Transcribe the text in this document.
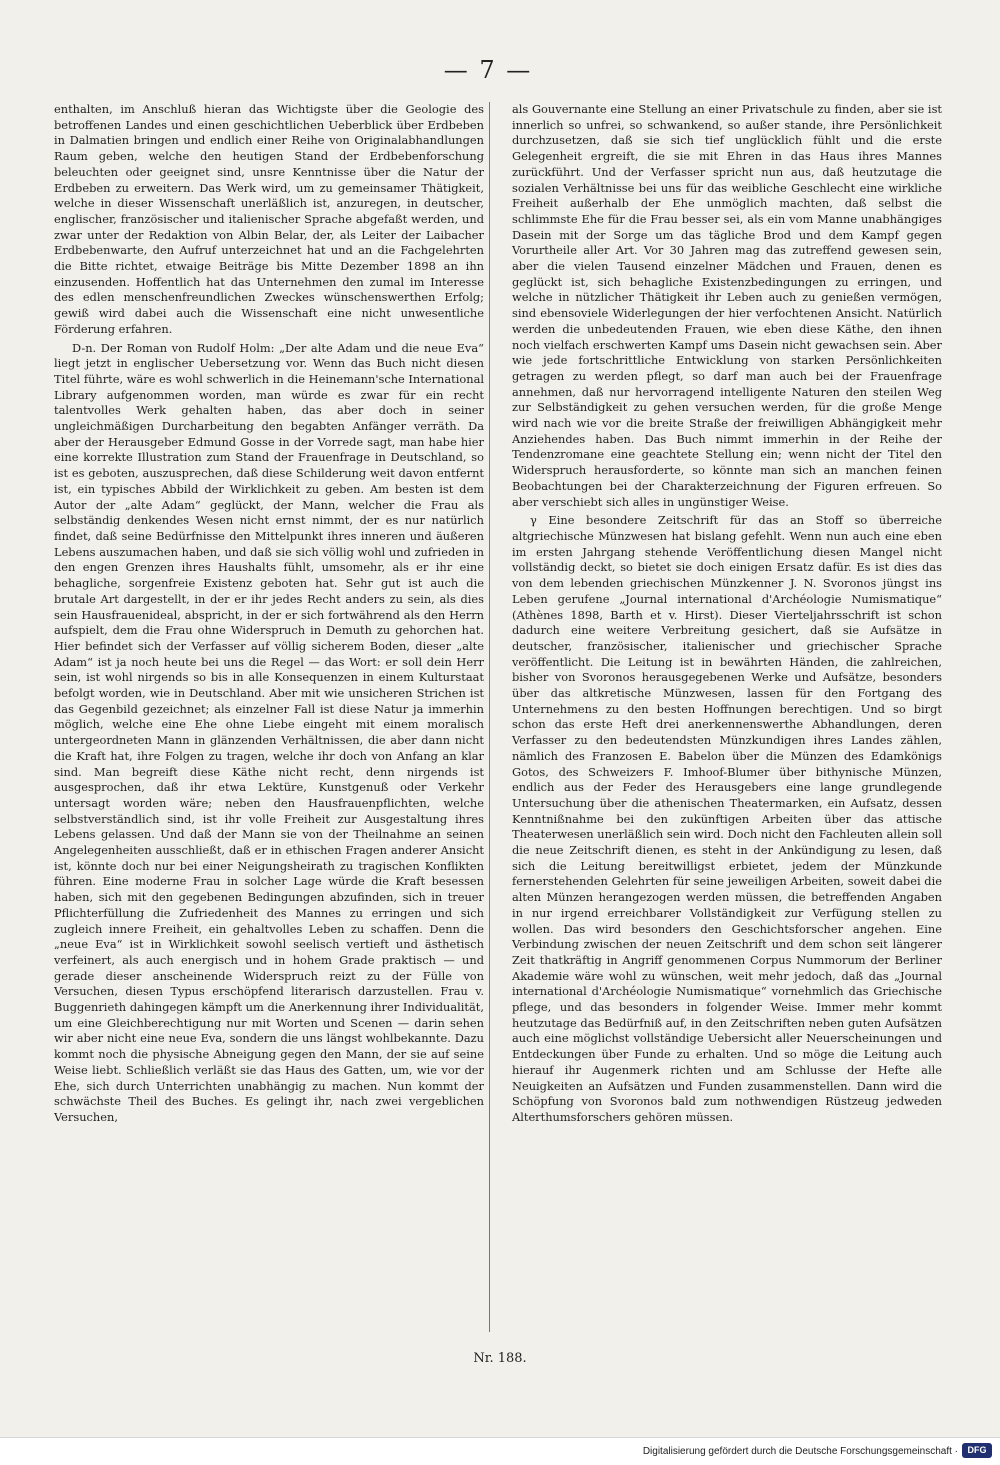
— 7 —

enthalten, im Anschluß hieran das Wichtigste über die Geologie des betroffenen Landes und einen geschichtlichen Ueberblick über Erdbeben in Dalmatien bringen und endlich einer Reihe von Originalabhandlungen Raum geben, welche den heutigen Stand der Erdbebenforschung beleuchten oder geeignet sind, unsre Kenntnisse über die Natur der Erdbeben zu erweitern. Das Werk wird, um zu gemeinsamer Thätigkeit, welche in dieser Wissenschaft unerläßlich ist, anzuregen, in deutscher, englischer, französischer und italienischer Sprache abgefaßt werden, und zwar unter der Redaktion von Albin Belar, der, als Leiter der Laibacher Erdbebenwarte, den Aufruf unterzeichnet hat und an die Fachgelehrten die Bitte richtet, etwaige Beiträge bis Mitte Dezember 1898 an ihn einzusenden. Hoffentlich hat das Unternehmen den zumal im Interesse des edlen menschenfreundlichen Zweckes wünschenswerthen Erfolg; gewiß wird dabei auch die Wissenschaft eine nicht unwesentliche Förderung erfahren.

D-n. Der Roman von Rudolf Holm: „Der alte Adam und die neue Eva“ liegt jetzt in englischer Uebersetzung vor. Wenn das Buch nicht diesen Titel führte, wäre es wohl schwerlich in die Heinemann'sche International Library aufgenommen worden, man würde es zwar für ein recht talentvolles Werk gehalten haben, das aber doch in seiner ungleichmäßigen Durcharbeitung den begabten Anfänger verräth. Da aber der Herausgeber Edmund Gosse in der Vorrede sagt, man habe hier eine korrekte Illustration zum Stand der Frauenfrage in Deutschland, so ist es geboten, auszusprechen, daß diese Schilderung weit davon entfernt ist, ein typisches Abbild der Wirklichkeit zu geben. Am besten ist dem Autor der „alte Adam“ geglückt, der Mann, welcher die Frau als selbständig denkendes Wesen nicht ernst nimmt, der es nur natürlich findet, daß seine Bedürfnisse den Mittelpunkt ihres inneren und äußeren Lebens auszumachen haben, und daß sie sich völlig wohl und zufrieden in den engen Grenzen ihres Haushalts fühlt, umsomehr, als er ihr eine behagliche, sorgenfreie Existenz geboten hat. Sehr gut ist auch die brutale Art dargestellt, in der er ihr jedes Recht anders zu sein, als dies sein Hausfrauenideal, abspricht, in der er sich fortwährend als den Herrn aufspielt, dem die Frau ohne Widerspruch in Demuth zu gehorchen hat. Hier befindet sich der Verfasser auf völlig sicherem Boden, dieser „alte Adam“ ist ja noch heute bei uns die Regel — das Wort: er soll dein Herr sein, ist wohl nirgends so bis in alle Konsequenzen in einem Kulturstaat befolgt worden, wie in Deutschland. Aber mit wie unsicheren Strichen ist das Gegenbild gezeichnet; als einzelner Fall ist diese Natur ja immerhin möglich, welche eine Ehe ohne Liebe eingeht mit einem moralisch untergeordneten Mann in glänzenden Verhältnissen, die aber dann nicht die Kraft hat, ihre Folgen zu tragen, welche ihr doch von Anfang an klar sind. Man begreift diese Käthe nicht recht, denn nirgends ist ausgesprochen, daß ihr etwa Lektüre, Kunstgenuß oder Verkehr untersagt worden wäre; neben den Hausfrauenpflichten, welche selbstverständlich sind, ist ihr volle Freiheit zur Ausgestaltung ihres Lebens gelassen. Und daß der Mann sie von der Theilnahme an seinen Angelegenheiten ausschließt, daß er in ethischen Fragen anderer Ansicht ist, könnte doch nur bei einer Neigungsheirath zu tragischen Konflikten führen. Eine moderne Frau in solcher Lage würde die Kraft besessen haben, sich mit den gegebenen Bedingungen abzufinden, sich in treuer Pflichterfüllung die Zufriedenheit des Mannes zu erringen und sich zugleich innere Freiheit, ein gehaltvolles Leben zu schaffen. Denn die „neue Eva“ ist in Wirklichkeit sowohl seelisch vertieft und ästhetisch verfeinert, als auch energisch und in hohem Grade praktisch — und gerade dieser anscheinende Widerspruch reizt zu der Fülle von Versuchen, diesen Typus erschöpfend literarisch darzustellen. Frau v. Buggenrieth dahingegen kämpft um die Anerkennung ihrer Individualität, um eine Gleichberechtigung nur mit Worten und Scenen — darin sehen wir aber nicht eine neue Eva, sondern die uns längst wohlbekannte. Dazu kommt noch die physische Abneigung gegen den Mann, der sie auf seine Weise liebt. Schließlich verläßt sie das Haus des Gatten, um, wie vor der Ehe, sich durch Unterrichten unabhängig zu machen. Nun kommt der schwächste Theil des Buches. Es gelingt ihr, nach zwei vergeblichen Versuchen,

als Gouvernante eine Stellung an einer Privatschule zu finden, aber sie ist innerlich so unfrei, so schwankend, so außer stande, ihre Persönlichkeit durchzusetzen, daß sie sich tief unglücklich fühlt und die erste Gelegenheit ergreift, die sie mit Ehren in das Haus ihres Mannes zurückführt. Und der Verfasser spricht nun aus, daß heutzutage die sozialen Verhältnisse bei uns für das weibliche Geschlecht eine wirkliche Freiheit außerhalb der Ehe unmöglich machten, daß selbst die schlimmste Ehe für die Frau besser sei, als ein vom Manne unabhängiges Dasein mit der Sorge um das tägliche Brod und dem Kampf gegen Vorurtheile aller Art. Vor 30 Jahren mag das zutreffend gewesen sein, aber die vielen Tausend einzelner Mädchen und Frauen, denen es geglückt ist, sich behagliche Existenzbedingungen zu erringen, und welche in nützlicher Thätigkeit ihr Leben auch zu genießen vermögen, sind ebensoviele Widerlegungen der hier verfochtenen Ansicht. Natürlich werden die unbedeutenden Frauen, wie eben diese Käthe, den ihnen noch vielfach erschwerten Kampf ums Dasein nicht gewachsen sein. Aber wie jede fortschrittliche Entwicklung von starken Persönlichkeiten getragen zu werden pflegt, so darf man auch bei der Frauenfrage annehmen, daß nur hervorragend intelligente Naturen den steilen Weg zur Selbständigkeit zu gehen versuchen werden, für die große Menge wird nach wie vor die breite Straße der freiwilligen Abhängigkeit mehr Anziehendes haben. Das Buch nimmt immerhin in der Reihe der Tendenzromane eine geachtete Stellung ein; wenn nicht der Titel den Widerspruch herausforderte, so könnte man sich an manchen feinen Beobachtungen bei der Charakterzeichnung der Figuren erfreuen. So aber verschiebt sich alles in ungünstiger Weise.

γ Eine besondere Zeitschrift für das an Stoff so überreiche altgriechische Münzwesen hat bislang gefehlt. Wenn nun auch eine eben im ersten Jahrgang stehende Veröffentlichung diesen Mangel nicht vollständig deckt, so bietet sie doch einigen Ersatz dafür. Es ist dies das von dem lebenden griechischen Münzkenner J. N. Svoronos jüngst ins Leben gerufene „Journal international d'Archéologie Numismatique“ (Athènes 1898, Barth et v. Hirst). Dieser Vierteljahrsschrift ist schon dadurch eine weitere Verbreitung gesichert, daß sie Aufsätze in deutscher, französischer, italienischer und griechischer Sprache veröffentlicht. Die Leitung ist in bewährten Händen, die zahlreichen, bisher von Svoronos herausgegebenen Werke und Aufsätze, besonders über das altkretische Münzwesen, lassen für den Fortgang des Unternehmens zu den besten Hoffnungen berechtigen. Und so birgt schon das erste Heft drei anerkennenswerthe Abhandlungen, deren Verfasser zu den bedeutendsten Münzkundigen ihres Landes zählen, nämlich des Franzosen E. Babelon über die Münzen des Edamkönigs Gotos, des Schweizers F. Imhoof-Blumer über bithynische Münzen, endlich aus der Feder des Herausgebers eine lange grundlegende Untersuchung über die athenischen Theatermarken, ein Aufsatz, dessen Kenntnißnahme bei den zukünftigen Arbeiten über das attische Theaterwesen unerläßlich sein wird. Doch nicht den Fachleuten allein soll die neue Zeitschrift dienen, es steht in der Ankündigung zu lesen, daß sich die Leitung bereitwilligst erbietet, jedem der Münzkunde fernerstehenden Gelehrten für seine jeweiligen Arbeiten, soweit dabei die alten Münzen herangezogen werden müssen, die betreffenden Angaben in nur irgend erreichbarer Vollständigkeit zur Verfügung stellen zu wollen. Das wird besonders den Geschichtsforscher angehen. Eine Verbindung zwischen der neuen Zeitschrift und dem schon seit längerer Zeit thatkräftig in Angriff genommenen Corpus Nummorum der Berliner Akademie wäre wohl zu wünschen, weit mehr jedoch, daß das „Journal international d'Archéologie Numismatique“ vornehmlich das Griechische pflege, und das besonders in folgender Weise. Immer mehr kommt heutzutage das Bedürfniß auf, in den Zeitschriften neben guten Aufsätzen auch eine möglichst vollständige Uebersicht aller Neuerscheinungen und Entdeckungen über Funde zu erhalten. Und so möge die Leitung auch hierauf ihr Augenmerk richten und am Schlusse der Hefte alle Neuigkeiten an Aufsätzen und Funden zusammenstellen. Dann wird die Schöpfung von Svoronos bald zum nothwendigen Rüstzeug jedweden Alterthumsforschers gehören müssen.

Nr. 188.
Digitalisierung gefördert durch die Deutsche Forschungsgemeinschaft ·	DFG
